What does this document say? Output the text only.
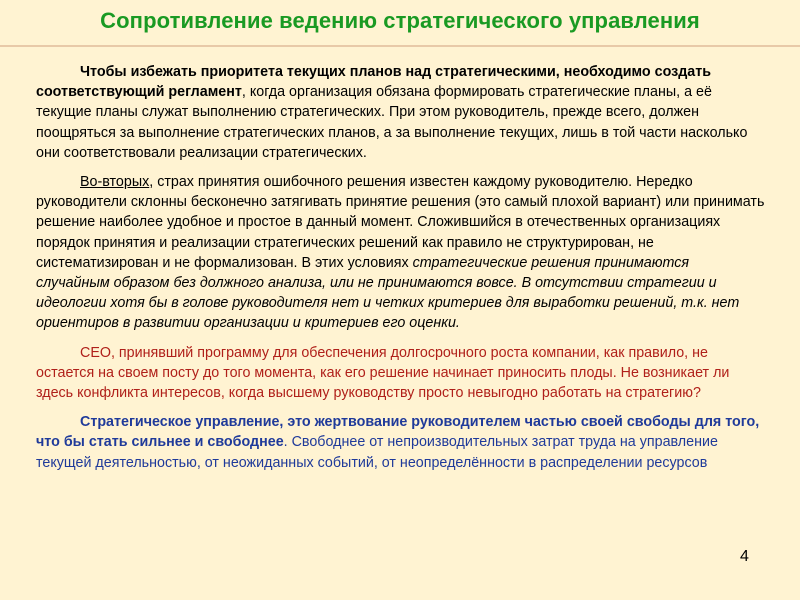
Сопротивление ведению стратегического управления

Чтобы избежать приоритета текущих планов над стратегическими, необходимо создать соответствующий регламент, когда организация обязана формировать стратегические планы, а её текущие планы служат выполнению стратегических. При этом руководитель, прежде всего, должен поощряться за выполнение стратегических планов, а за выполнение текущих, лишь в той части насколько они соответствовали реализации стратегических.

Во-вторых, страх принятия ошибочного решения известен каждому руководителю. Нередко руководители склонны бесконечно затягивать принятие решения (это самый плохой вариант) или принимать решение наиболее удобное и простое в данный момент. Сложившийся в отечественных организациях порядок принятия и реализации стратегических решений как правило не структурирован, не систематизирован и не формализован. В этих условиях стратегические решения принимаются случайным образом без должного анализа, или не принимаются вовсе. В отсутствии стратегии и идеологии хотя бы в голове руководителя нет и четких критериев для выработки решений, т.к. нет ориентиров в развитии организации и критериев его оценки.

CEO, принявший программу для обеспечения долгосрочного роста компании, как правило, не остается на своем посту до того момента, как его решение начинает приносить плоды. Не возникает ли здесь конфликта интересов, когда высшему руководству просто невыгодно работать на стратегию?

Стратегическое управление, это жертвование руководителем частью своей свободы для того, что бы стать сильнее и свободнее. Свободнее от непроизводительных затрат труда на управление текущей деятельностью, от неожиданных событий, от неопределённости в распределении ресурсов

4
